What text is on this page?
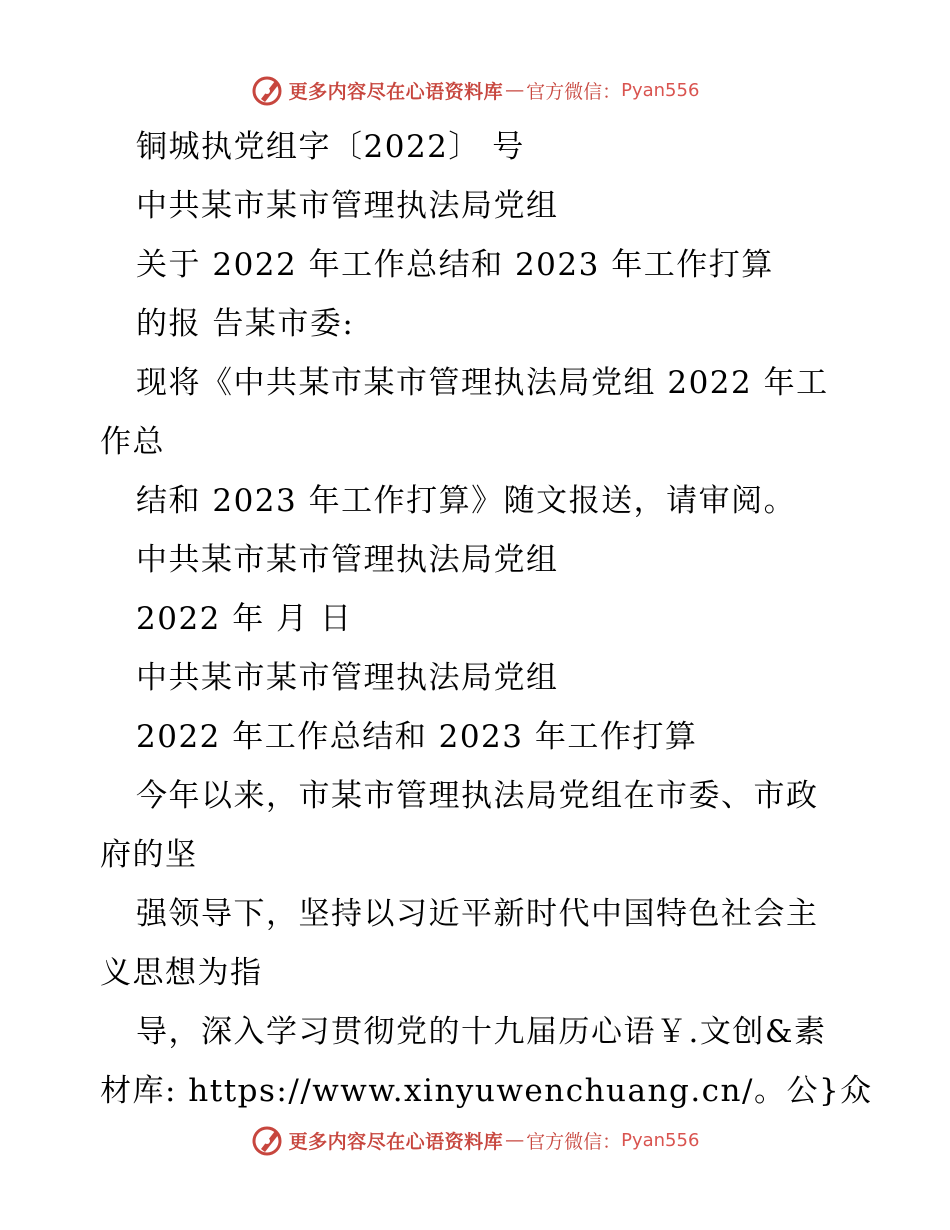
更多内容尽在心语资料库 — 官方微信： Pyan556
铜城执党组字〔2022〕 号
中共某市某市管理执法局党组
关于 2022 年工作总结和 2023 年工作打算
的报 告某市委:
现将《中共某市某市管理执法局党组 2022 年工
作总
结和 2023 年工作打算》随文报送，请审阅。
中共某市某市管理执法局党组
2022 年 月 日
中共某市某市管理执法局党组
2022 年工作总结和 2023 年工作打算
今年以来，市某市管理执法局党组在市委、市政
府的坚
强领导下，坚持以习近平新时代中国特色社会主
义思想为指
导，深入学习贯彻党的十九届历心语￥.文创&素
材库: https://www.xinyuwenchuang.cn/。公}众
更多内容尽在心语资料库 — 官方微信： Pyan556
